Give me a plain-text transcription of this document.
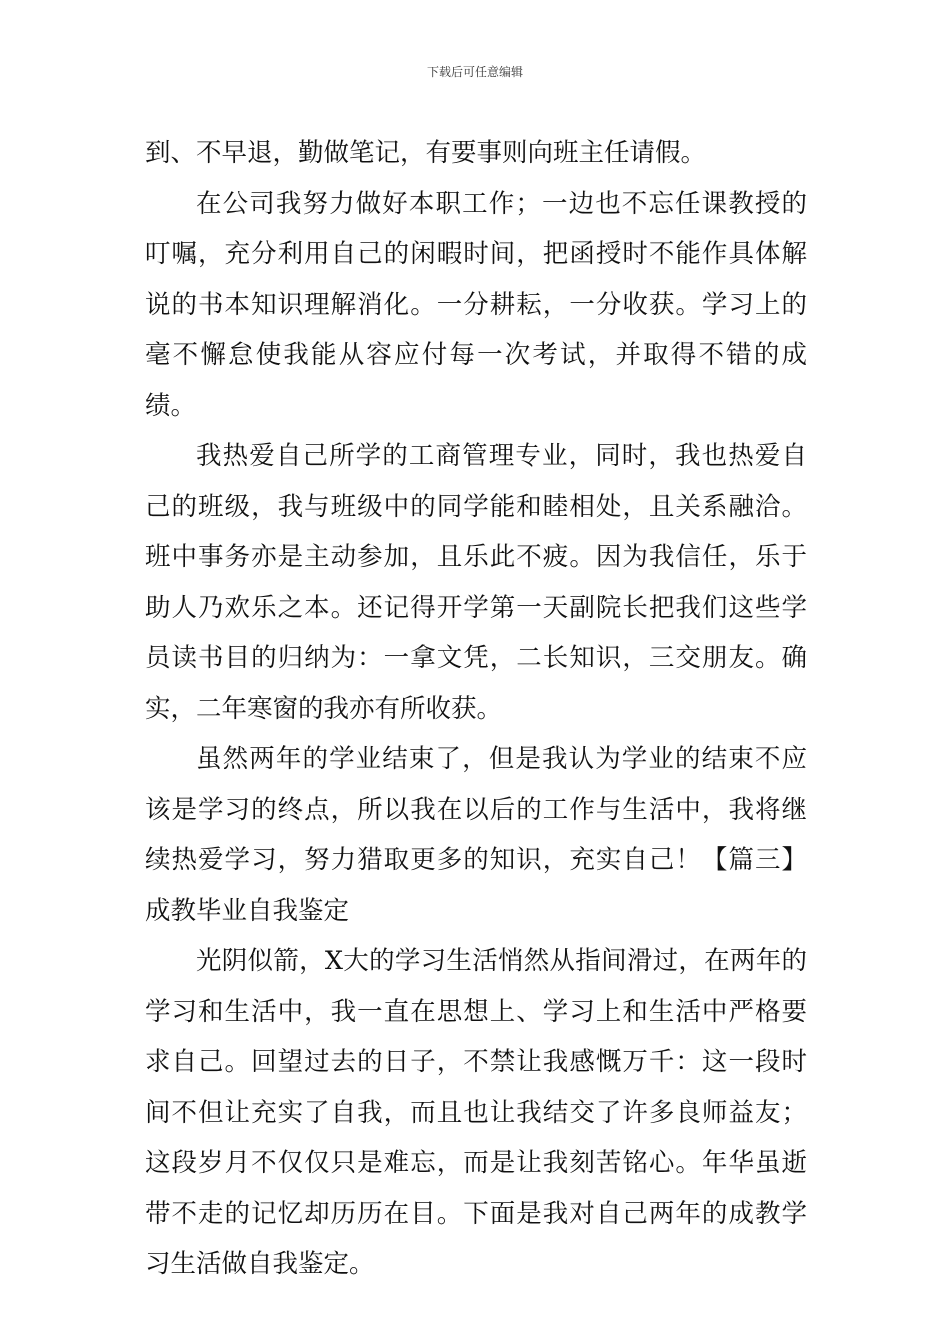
下载后可任意编辑

到、不早退，勤做笔记，有要事则向班主任请假。

在公司我努力做好本职工作；一边也不忘任课教授的叮嘱，充分利用自己的闲暇时间，把函授时不能作具体解说的书本知识理解消化。一分耕耘，一分收获。学习上的毫不懈怠使我能从容应付每一次考试，并取得不错的成绩。

我热爱自己所学的工商管理专业，同时，我也热爱自己的班级，我与班级中的同学能和睦相处，且关系融洽。班中事务亦是主动参加，且乐此不疲。因为我信任，乐于助人乃欢乐之本。还记得开学第一天副院长把我们这些学员读书目的归纳为：一拿文凭，二长知识，三交朋友。确实，二年寒窗的我亦有所收获。

虽然两年的学业结束了，但是我认为学业的结束不应该是学习的终点，所以我在以后的工作与生活中，我将继续热爱学习，努力猎取更多的知识，充实自己！【篇三】成教毕业自我鉴定

光阴似箭，X大的学习生活悄然从指间滑过，在两年的学习和生活中，我一直在思想上、学习上和生活中严格要求自己。回望过去的日子，不禁让我感慨万千：这一段时间不但让充实了自我，而且也让我结交了许多良师益友；这段岁月不仅仅只是难忘，而是让我刻苦铭心。年华虽逝带不走的记忆却历历在目。下面是我对自己两年的成教学习生活做自我鉴定。
